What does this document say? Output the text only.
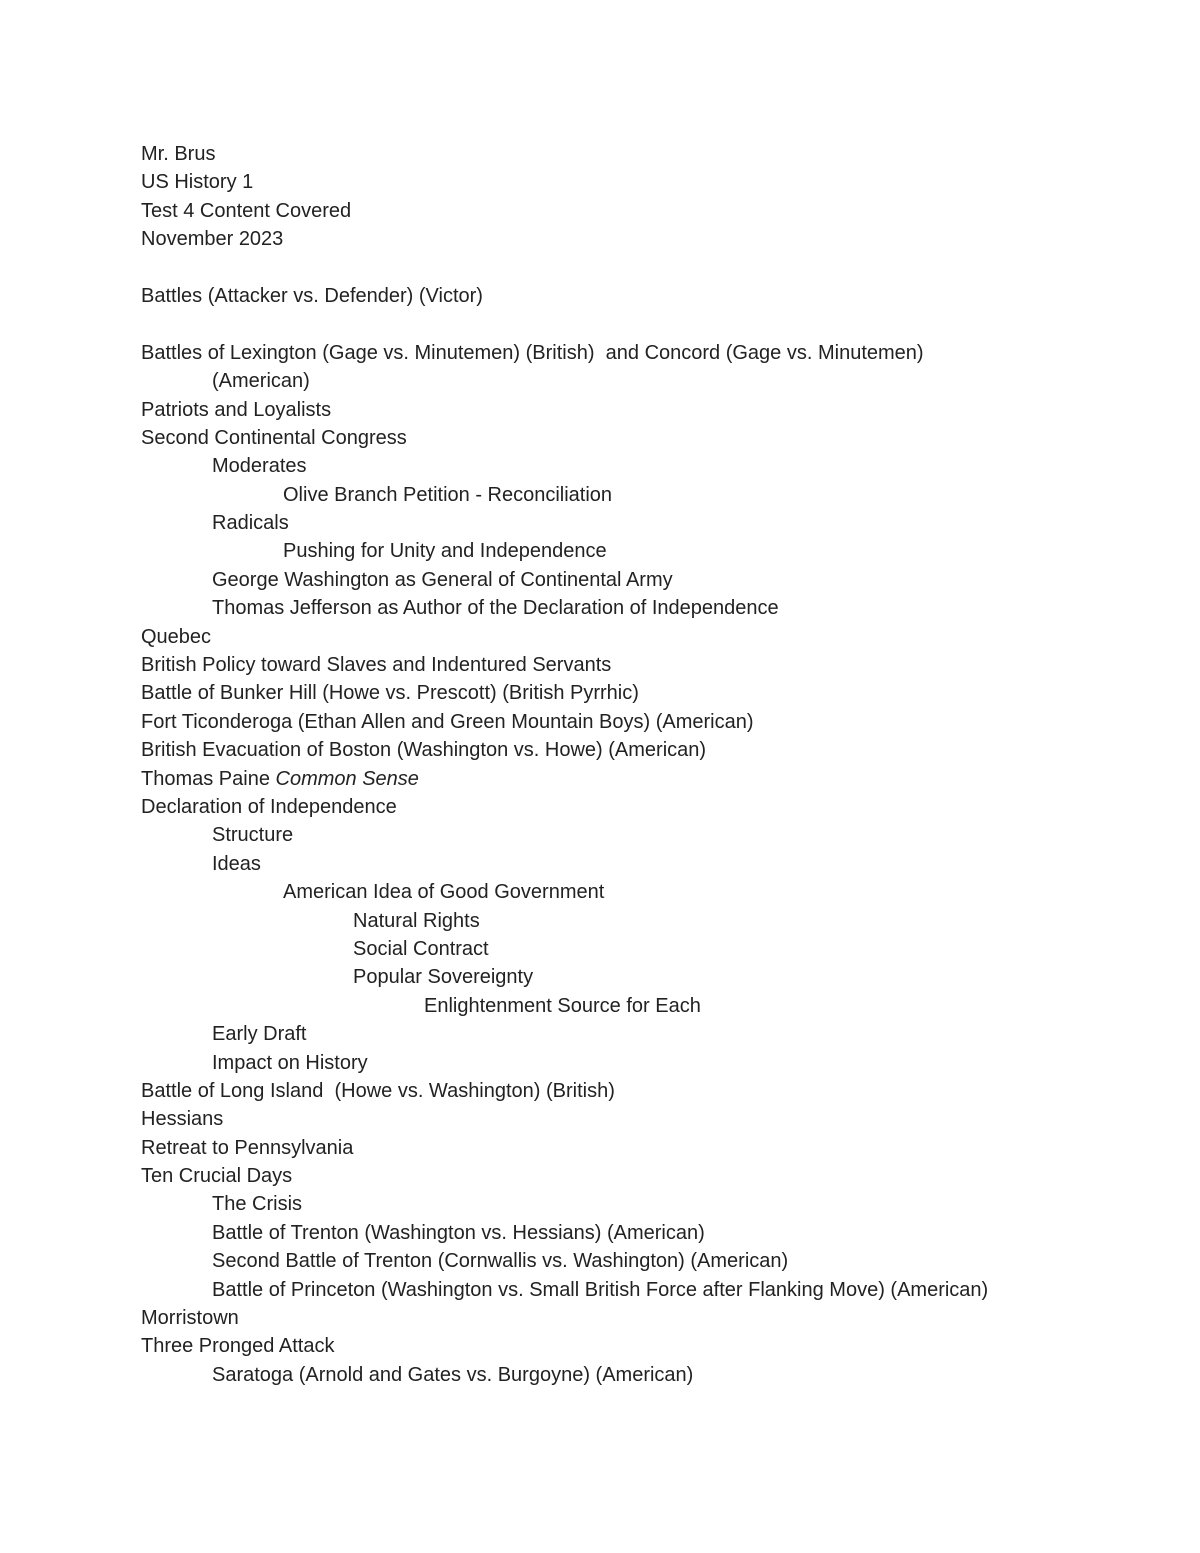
Mr. Brus
US History 1
Test 4 Content Covered
November 2023
Battles (Attacker vs. Defender) (Victor)
Battles of Lexington (Gage vs. Minutemen) (British)  and Concord (Gage vs. Minutemen)
(American)
Patriots and Loyalists
Second Continental Congress
Moderates
Olive Branch Petition - Reconciliation
Radicals
Pushing for Unity and Independence
George Washington as General of Continental Army
Thomas Jefferson as Author of the Declaration of Independence
Quebec
British Policy toward Slaves and Indentured Servants
Battle of Bunker Hill (Howe vs. Prescott) (British Pyrrhic)
Fort Ticonderoga (Ethan Allen and Green Mountain Boys) (American)
British Evacuation of Boston (Washington vs. Howe) (American)
Thomas Paine Common Sense
Declaration of Independence
Structure
Ideas
American Idea of Good Government
Natural Rights
Social Contract
Popular Sovereignty
Enlightenment Source for Each
Early Draft
Impact on History
Battle of Long Island  (Howe vs. Washington) (British)
Hessians
Retreat to Pennsylvania
Ten Crucial Days
The Crisis
Battle of Trenton (Washington vs. Hessians) (American)
Second Battle of Trenton (Cornwallis vs. Washington) (American)
Battle of Princeton (Washington vs. Small British Force after Flanking Move) (American)
Morristown
Three Pronged Attack
Saratoga (Arnold and Gates vs. Burgoyne) (American)
